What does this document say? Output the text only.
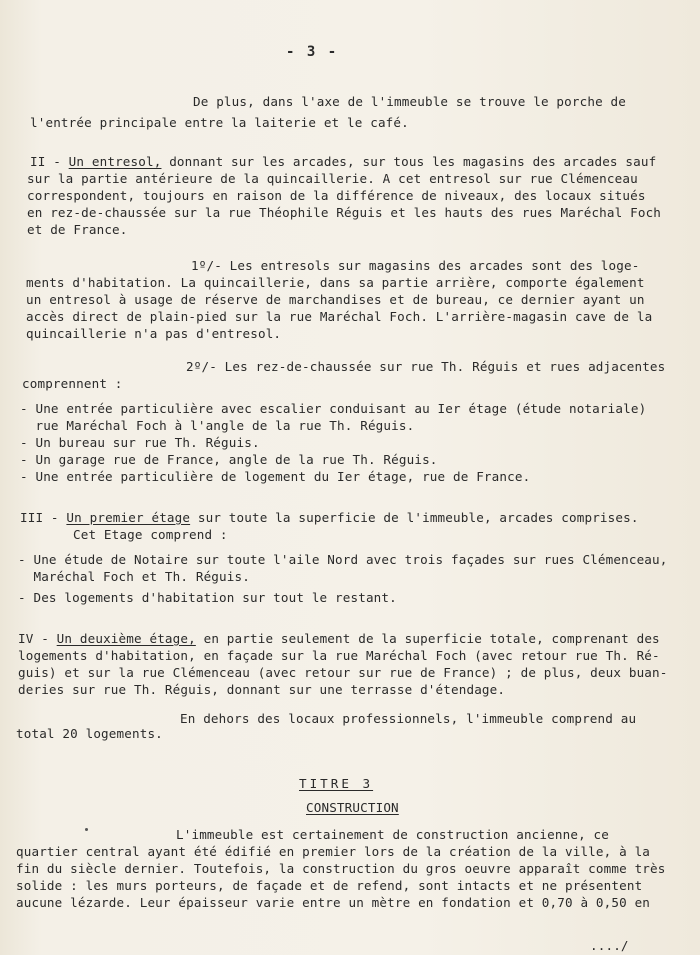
- 3 -
De plus, dans l'axe de l'immeuble se trouve le porche de
l'entrée principale entre la laiterie et le café.
II - Un entresol, donnant sur les arcades, sur tous les magasins des arcades sauf
sur la partie antérieure de la quincaillerie. A cet entresol sur rue Clémenceau
correspondent, toujours en raison de la différence de niveaux, des locaux situés
en rez-de-chaussée sur la rue Théophile Réguis et les hauts des rues Maréchal Foch
et de France.
1º/- Les entresols sur magasins des arcades sont des loge-
ments d'habitation. La quincaillerie, dans sa partie arrière, comporte également
un entresol à usage de réserve de marchandises et de bureau, ce dernier ayant un
accès direct de plain-pied sur la rue Maréchal Foch. L'arrière-magasin cave de la
quincaillerie n'a pas d'entresol.
2º/- Les rez-de-chaussée sur rue Th. Réguis et rues adjacentes
comprennent :
- Une entrée particulière avec escalier conduisant au Ier étage (étude notariale)
rue Maréchal Foch à l'angle de la rue Th. Réguis.
- Un bureau sur rue Th. Réguis.
- Un garage rue de France, angle de la rue Th. Réguis.
- Une entrée particulière de logement du Ier étage, rue de France.
III - Un premier étage sur toute la superficie de l'immeuble, arcades comprises.
Cet Etage comprend :
- Une étude de Notaire sur toute l'aile Nord avec trois façades sur rues Clémenceau,
Maréchal Foch et Th. Réguis.
- Des logements d'habitation sur tout le restant.
IV - Un deuxième étage, en partie seulement de la superficie totale, comprenant des
logements d'habitation, en façade sur la rue Maréchal Foch (avec retour rue Th. Ré-
guis) et sur la rue Clémenceau (avec retour sur rue de France) ; de plus, deux buan-
deries sur rue Th. Réguis, donnant sur une terrasse d'étendage.
En dehors des locaux professionnels, l'immeuble comprend au
total 20 logements.
TITRE 3
CONSTRUCTION
L'immeuble est certainement de construction ancienne, ce
quartier central ayant été édifié en premier lors de la création de la ville, à la
fin du siècle dernier. Toutefois, la construction du gros oeuvre apparaît comme très
solide : les murs porteurs, de façade et de refend, sont intacts et ne présentent
aucune lézarde. Leur épaisseur varie entre un mètre en fondation et 0,70 à 0,50 en
..../
